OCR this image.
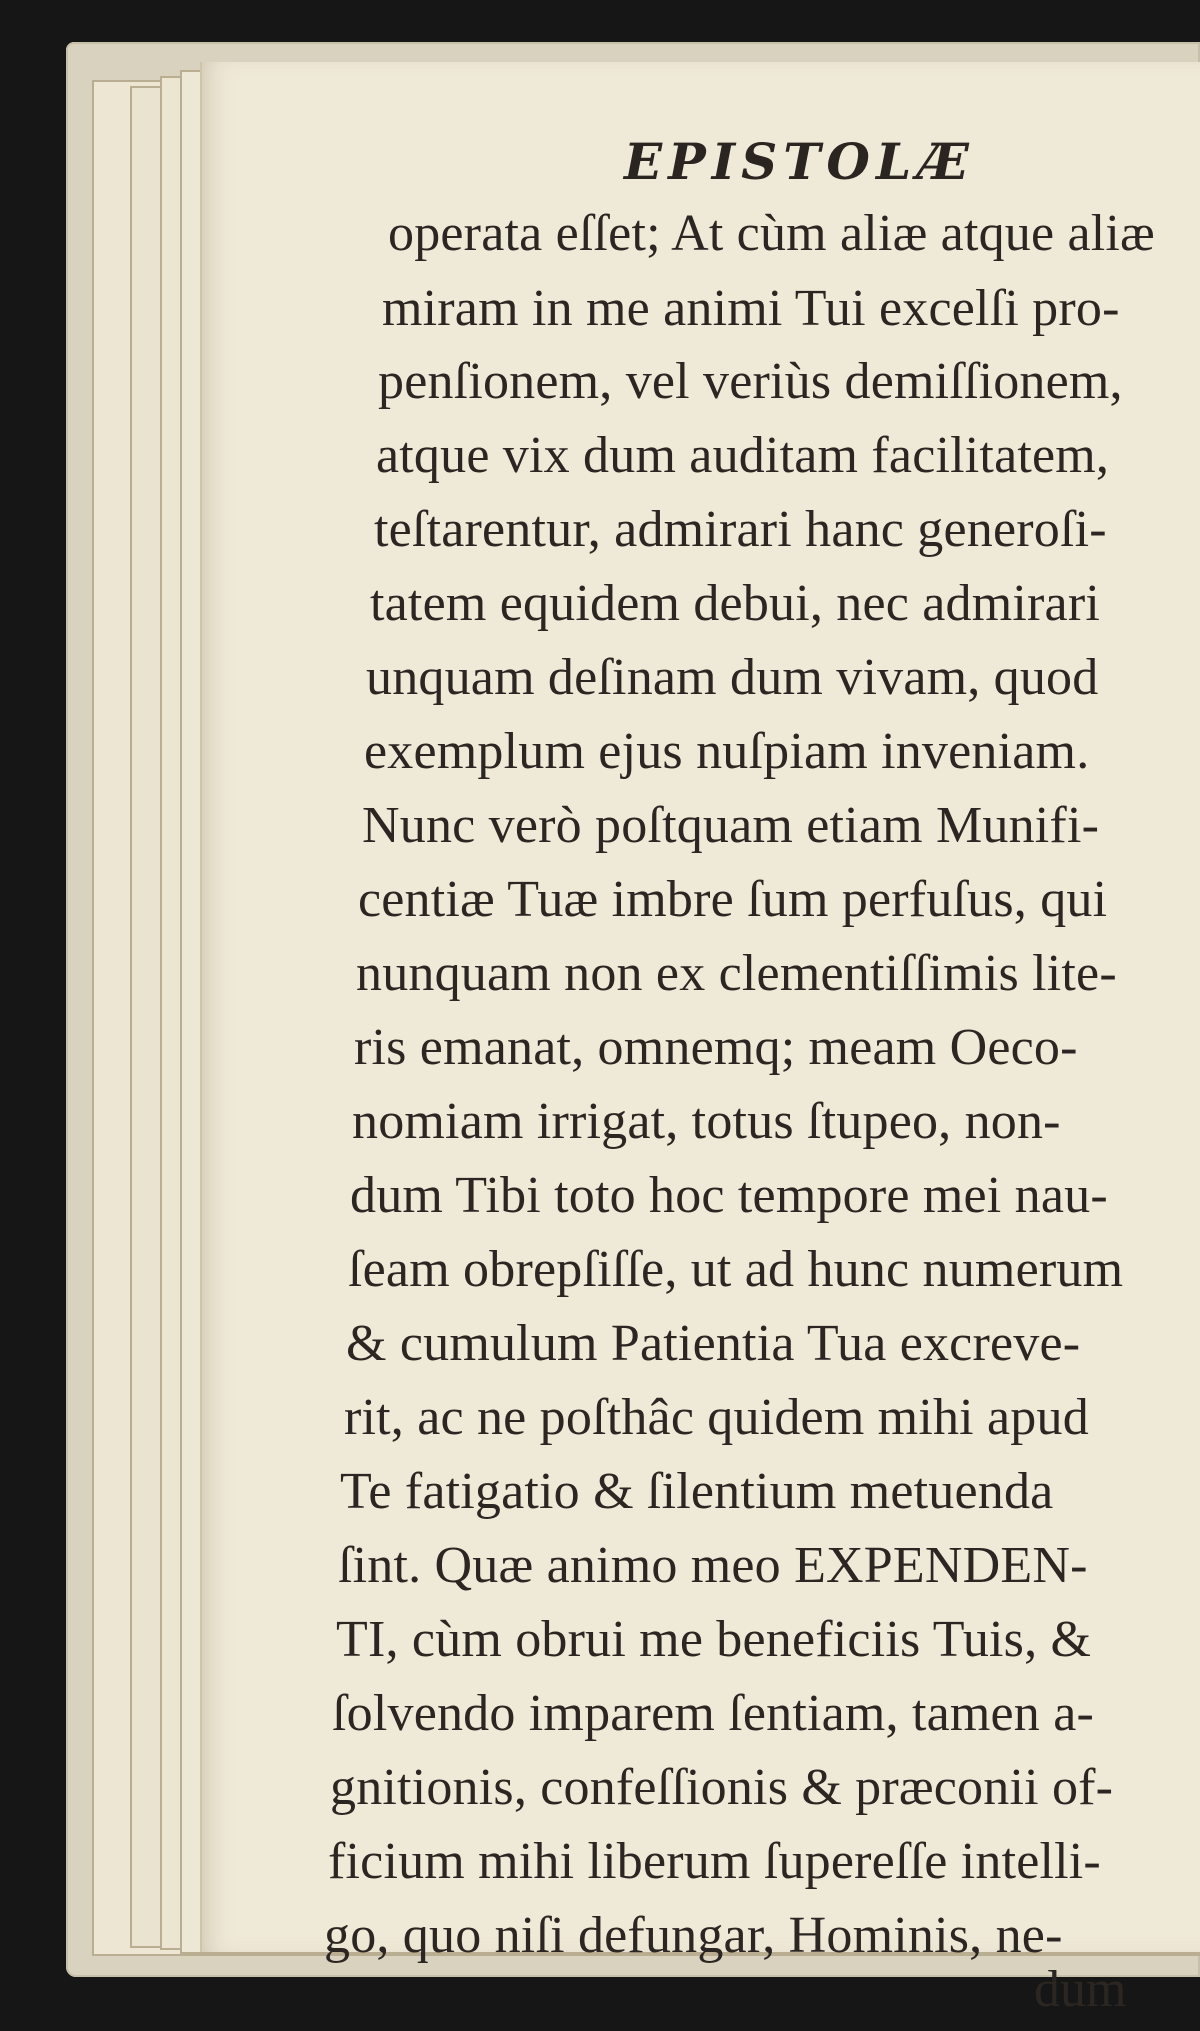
EPISTOLÆ

operata eſſet; At cùm aliæ atque aliæ

miram in me animi Tui excelſi pro-

penſionem, vel veriùs demiſſionem,

atque vix dum auditam facilitatem,

teſtarentur, admirari hanc generoſi-

tatem equidem debui, nec admirari

unquam deſinam dum vivam, quod

exemplum ejus nuſpiam inveniam.

Nunc verò poſtquam etiam Munifi-

centiæ Tuæ imbre ſum perfuſus, qui

nunquam non ex clementiſſimis lite-

ris emanat, omnemq; meam Oeco-

nomiam irrigat, totus ſtupeo, non-

dum Tibi toto hoc tempore mei nau-

ſeam obrepſiſſe, ut ad hunc numerum

& cumulum Patientia Tua excreve-

rit, ac ne poſthâc quidem mihi apud

Te fatigatio & ſilentium metuenda

ſint. Quæ animo meo EXPENDEN-

TI, cùm obrui me beneficiis Tuis, &

ſolvendo imparem ſentiam, tamen a-

gnitionis, confeſſionis & præconii of-

ficium mihi liberum ſupereſſe intelli-

go, quo niſi defungar, Hominis, ne-

dum
